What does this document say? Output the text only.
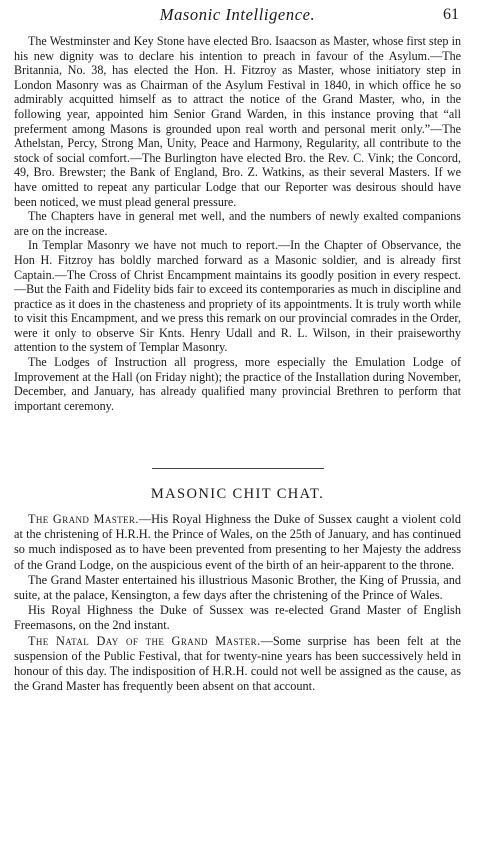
Masonic Intelligence.	61

The Westminster and Key Stone have elected Bro. Isaacson as Master, whose first step in his new dignity was to declare his intention to preach in favour of the Asylum.—The Britannia, No. 38, has elected the Hon. H. Fitzroy as Master, whose initiatory step in London Masonry was as Chairman of the Asylum Festival in 1840, in which office he so admirably acquitted himself as to attract the notice of the Grand Master, who, in the following year, appointed him Senior Grand Warden, in this instance proving that “all preferment among Masons is grounded upon real worth and personal merit only.”—The Athelstan, Percy, Strong Man, Unity, Peace and Harmony, Regularity, all contribute to the stock of social comfort.—The Burlington have elected Bro. the Rev. C. Vink; the Concord, 49, Bro. Brewster; the Bank of England, Bro. Z. Watkins, as their several Masters. If we have omitted to repeat any particular Lodge that our Reporter was desirous should have been noticed, we must plead general pressure.

The Chapters have in general met well, and the numbers of newly exalted companions are on the increase.

In Templar Masonry we have not much to report.—In the Chapter of Observance, the Hon H. Fitzroy has boldly marched forward as a Masonic soldier, and is already first Captain.—The Cross of Christ Encampment maintains its goodly position in every respect.—But the Faith and Fidelity bids fair to exceed its contemporaries as much in discipline and practice as it does in the chasteness and propriety of its appointments. It is truly worth while to visit this Encampment, and we press this remark on our provincial comrades in the Order, were it only to observe Sir Knts. Henry Udall and R. L. Wilson, in their praiseworthy attention to the system of Templar Masonry.

The Lodges of Instruction all progress, more especially the Emulation Lodge of Improvement at the Hall (on Friday night); the practice of the Installation during November, December, and January, has already qualified many provincial Brethren to perform that important ceremony.

MASONIC CHIT CHAT.

The Grand Master.—His Royal Highness the Duke of Sussex caught a violent cold at the christening of H.R.H. the Prince of Wales, on the 25th of January, and has continued so much indisposed as to have been prevented from presenting to her Majesty the address of the Grand Lodge, on the auspicious event of the birth of an heir-apparent to the throne.

The Grand Master entertained his illustrious Masonic Brother, the King of Prussia, and suite, at the palace, Kensington, a few days after the christening of the Prince of Wales.

His Royal Highness the Duke of Sussex was re-elected Grand Master of English Freemasons, on the 2nd instant.

The Natal Day of the Grand Master.—Some surprise has been felt at the suspension of the Public Festival, that for twenty-nine years has been successively held in honour of this day. The indisposition of H.R.H. could not well be assigned as the cause, as the Grand Master has frequently been absent on that account.
